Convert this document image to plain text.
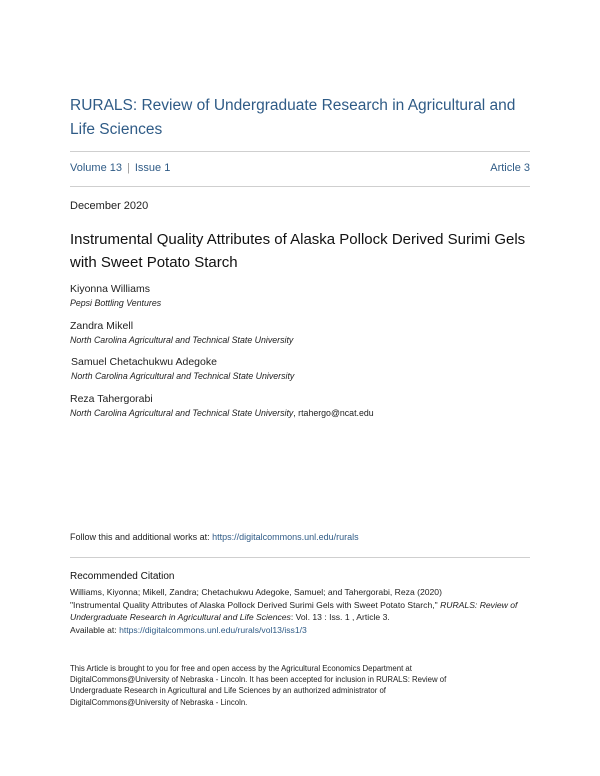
RURALS: Review of Undergraduate Research in Agricultural and Life Sciences
Volume 13 | Issue 1	Article 3
December 2020
Instrumental Quality Attributes of Alaska Pollock Derived Surimi Gels with Sweet Potato Starch
Kiyonna Williams
Pepsi Bottling Ventures
Zandra Mikell
North Carolina Agricultural and Technical State University
Samuel Chetachukwu Adegoke
North Carolina Agricultural and Technical State University
Reza Tahergorabi
North Carolina Agricultural and Technical State University, rtahergo@ncat.edu
Follow this and additional works at: https://digitalcommons.unl.edu/rurals
Recommended Citation
Williams, Kiyonna; Mikell, Zandra; Chetachukwu Adegoke, Samuel; and Tahergorabi, Reza (2020)
"Instrumental Quality Attributes of Alaska Pollock Derived Surimi Gels with Sweet Potato Starch," RURALS: Review of Undergraduate Research in Agricultural and Life Sciences: Vol. 13 : Iss. 1 , Article 3.
Available at: https://digitalcommons.unl.edu/rurals/vol13/iss1/3
This Article is brought to you for free and open access by the Agricultural Economics Department at DigitalCommons@University of Nebraska - Lincoln. It has been accepted for inclusion in RURALS: Review of Undergraduate Research in Agricultural and Life Sciences by an authorized administrator of DigitalCommons@University of Nebraska - Lincoln.
